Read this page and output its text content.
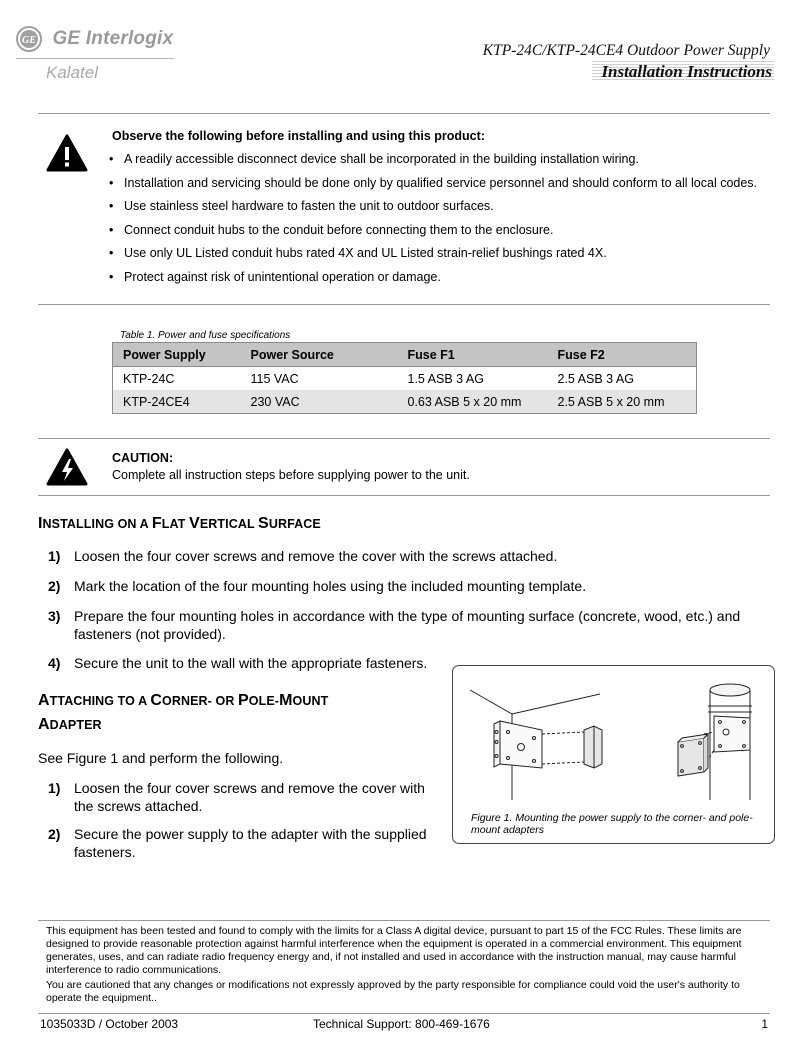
GE GE Interlogix
Kalatel
KTP-24C/KTP-24CE4 Outdoor Power Supply
Installation Instructions
Observe the following before installing and using this product:
• A readily accessible disconnect device shall be incorporated in the building installation wiring.
• Installation and servicing should be done only by qualified service personnel and should conform to all local codes.
• Use stainless steel hardware to fasten the unit to outdoor surfaces.
• Connect conduit hubs to the conduit before connecting them to the enclosure.
• Use only UL Listed conduit hubs rated 4X and UL Listed strain-relief bushings rated 4X.
• Protect against risk of unintentional operation or damage.
Table 1. Power and fuse specifications
Power Supply	Power Source	Fuse F1	Fuse F2
KTP-24C	115 VAC	1.5 ASB 3 AG	2.5 ASB 3 AG
KTP-24CE4	230 VAC	0.63 ASB 5 x 20 mm	2.5 ASB 5 x 20 mm
CAUTION:
Complete all instruction steps before supplying power to the unit.
INSTALLING ON A FLAT VERTICAL SURFACE
1) Loosen the four cover screws and remove the cover with the screws attached.
2) Mark the location of the four mounting holes using the included mounting template.
3) Prepare the four mounting holes in accordance with the type of mounting surface (concrete, wood, etc.) and fasteners (not provided).
4) Secure the unit to the wall with the appropriate fasteners.
ATTACHING TO A CORNER- OR POLE-MOUNT
ADAPTER
See Figure 1 and perform the following.
1) Loosen the four cover screws and remove the cover with the screws attached.
2) Secure the power supply to the adapter with the supplied fasteners.
Figure 1. Mounting the power supply to the corner- and pole-mount adapters
This equipment has been tested and found to comply with the limits for a Class A digital device, pursuant to part 15 of the FCC Rules. These limits are designed to provide reasonable protection against harmful interference when the equipment is operated in a commercial environment. This equipment generates, uses, and can radiate radio frequency energy and, if not installed and used in accordance with the instruction manual, may cause harmful interference to radio communications.
You are cautioned that any changes or modifications not expressly approved by the party responsible for compliance could void the user's authority to operate the equipment..
1035033D / October 2003	Technical Support: 800-469-1676	1
